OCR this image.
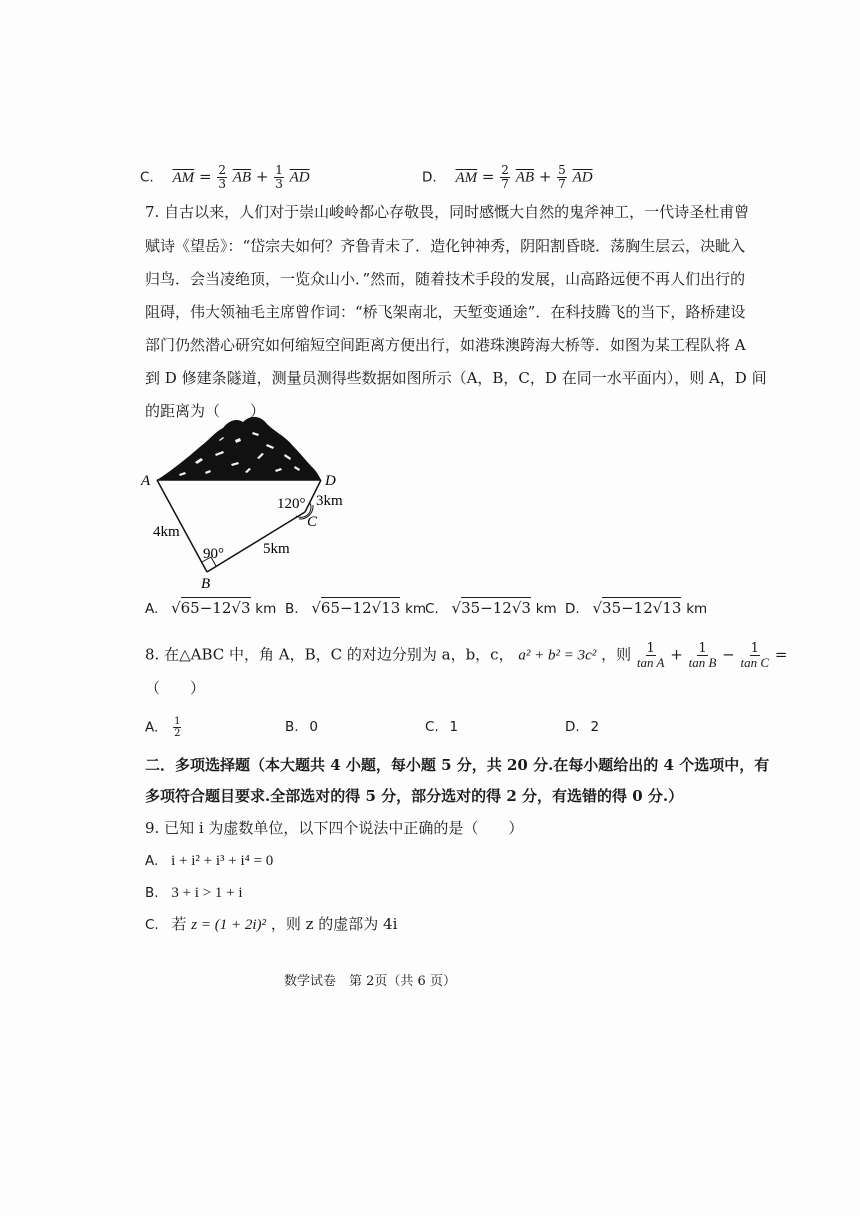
C. $\overline{AM} = \frac{2}{3} \overline{AB} + \frac{1}{3} \overline{AD}$	D. $\overline{AM} = \frac{2}{7} \overline{AB} + \frac{5}{7} \overline{AD}$
7. 自古以来，人们对于崇山峻岭都心存敬畏，同时感慨大自然的鬼斧神工，一代诗圣杜甫曾
赋诗《望岳》：“岱宗夫如何？齐鲁青未了．造化钟神秀，阴阳割昏晓．荡胸生层云，决眦入
归鸟．会当凌绝顶，一览众山小．”然而，随着技术手段的发展，山高路远便不再人们出行的
阻碍，伟大领袖毛主席曾作词：“桥飞架南北，天堑变通途”．在科技腾飞的当下，路桥建设
部门仍然潜心研究如何缩短空间距离方便出行，如港珠澳跨海大桥等．如图为某工程队将 A
到 D 修建条隧道，测量员测得些数据如图所示（A，B，C，D 在同一水平面内），则 A，D 间
的距离为（　　）
A	D
C
B
4km
5km
3km
90°
120°
A. √65−12√3 km B. √65−12√13 km
C. √35−12√3 km D. √35−12√13 km
8. 在△ABC 中，角 A，B，C 的对边分别为 a，b，c， a² + b² = 3c² ，则 $\frac{1}{\text{tan A}} + \frac{1}{\text{tan B}} - \frac{1}{\text{tan C}}$ =
（　　）
A. $\frac{1}{2}$	B. 0	C. 1	D. 2
二．多项选择题（本大题共 4 小题，每小题 5 分，共 20 分.在每小题给出的 4 个选项中，有
多项符合题目要求.全部选对的得 5 分，部分选对的得 2 分，有选错的得 0 分.）
9. 已知 i 为虚数单位，以下四个说法中正确的是（　　）
A. i + i² + i³ + i⁴ = 0
B. 3 + i > 1 + i
C. 若 z = (1 + 2i)² ，则 z 的虚部为 4i
数学试卷　第 2页（共 6 页）
